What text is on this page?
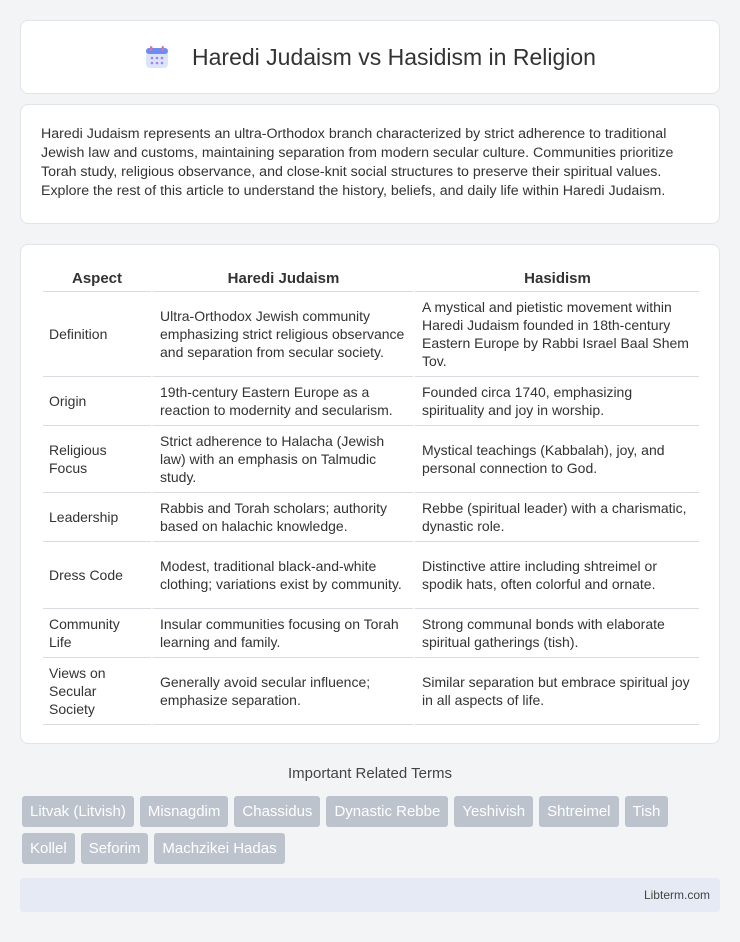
Haredi Judaism vs Hasidism in Religion

Haredi Judaism represents an ultra-Orthodox branch characterized by strict adherence to traditional Jewish law and customs, maintaining separation from modern secular culture. Communities prioritize Torah study, religious observance, and close-knit social structures to preserve their spiritual values. Explore the rest of this article to understand the history, beliefs, and daily life within Haredi Judaism.

Aspect	Haredi Judaism	Hasidism
Definition	Ultra-Orthodox Jewish community emphasizing strict religious observance and separation from secular society.	A mystical and pietistic movement within Haredi Judaism founded in 18th-century Eastern Europe by Rabbi Israel Baal Shem Tov.
Origin	19th-century Eastern Europe as a reaction to modernity and secularism.	Founded circa 1740, emphasizing spirituality and joy in worship.
Religious Focus	Strict adherence to Halacha (Jewish law) with an emphasis on Talmudic study.	Mystical teachings (Kabbalah), joy, and personal connection to God.
Leadership	Rabbis and Torah scholars; authority based on halachic knowledge.	Rebbe (spiritual leader) with a charismatic, dynastic role.
Dress Code	Modest, traditional black-and-white clothing; variations exist by community.	Distinctive attire including shtreimel or spodik hats, often colorful and ornate.
Community Life	Insular communities focusing on Torah learning and family.	Strong communal bonds with elaborate spiritual gatherings (tish).
Views on Secular Society	Generally avoid secular influence; emphasize separation.	Similar separation but embrace spiritual joy in all aspects of life.
Important Related Terms
Litvak (Litvish)	Misnagdim	Chassidus	Dynastic Rebbe	Yeshivish	Shtreimel	Tish
Kollel	Seforim	Machzikei Hadas
Libterm.com
